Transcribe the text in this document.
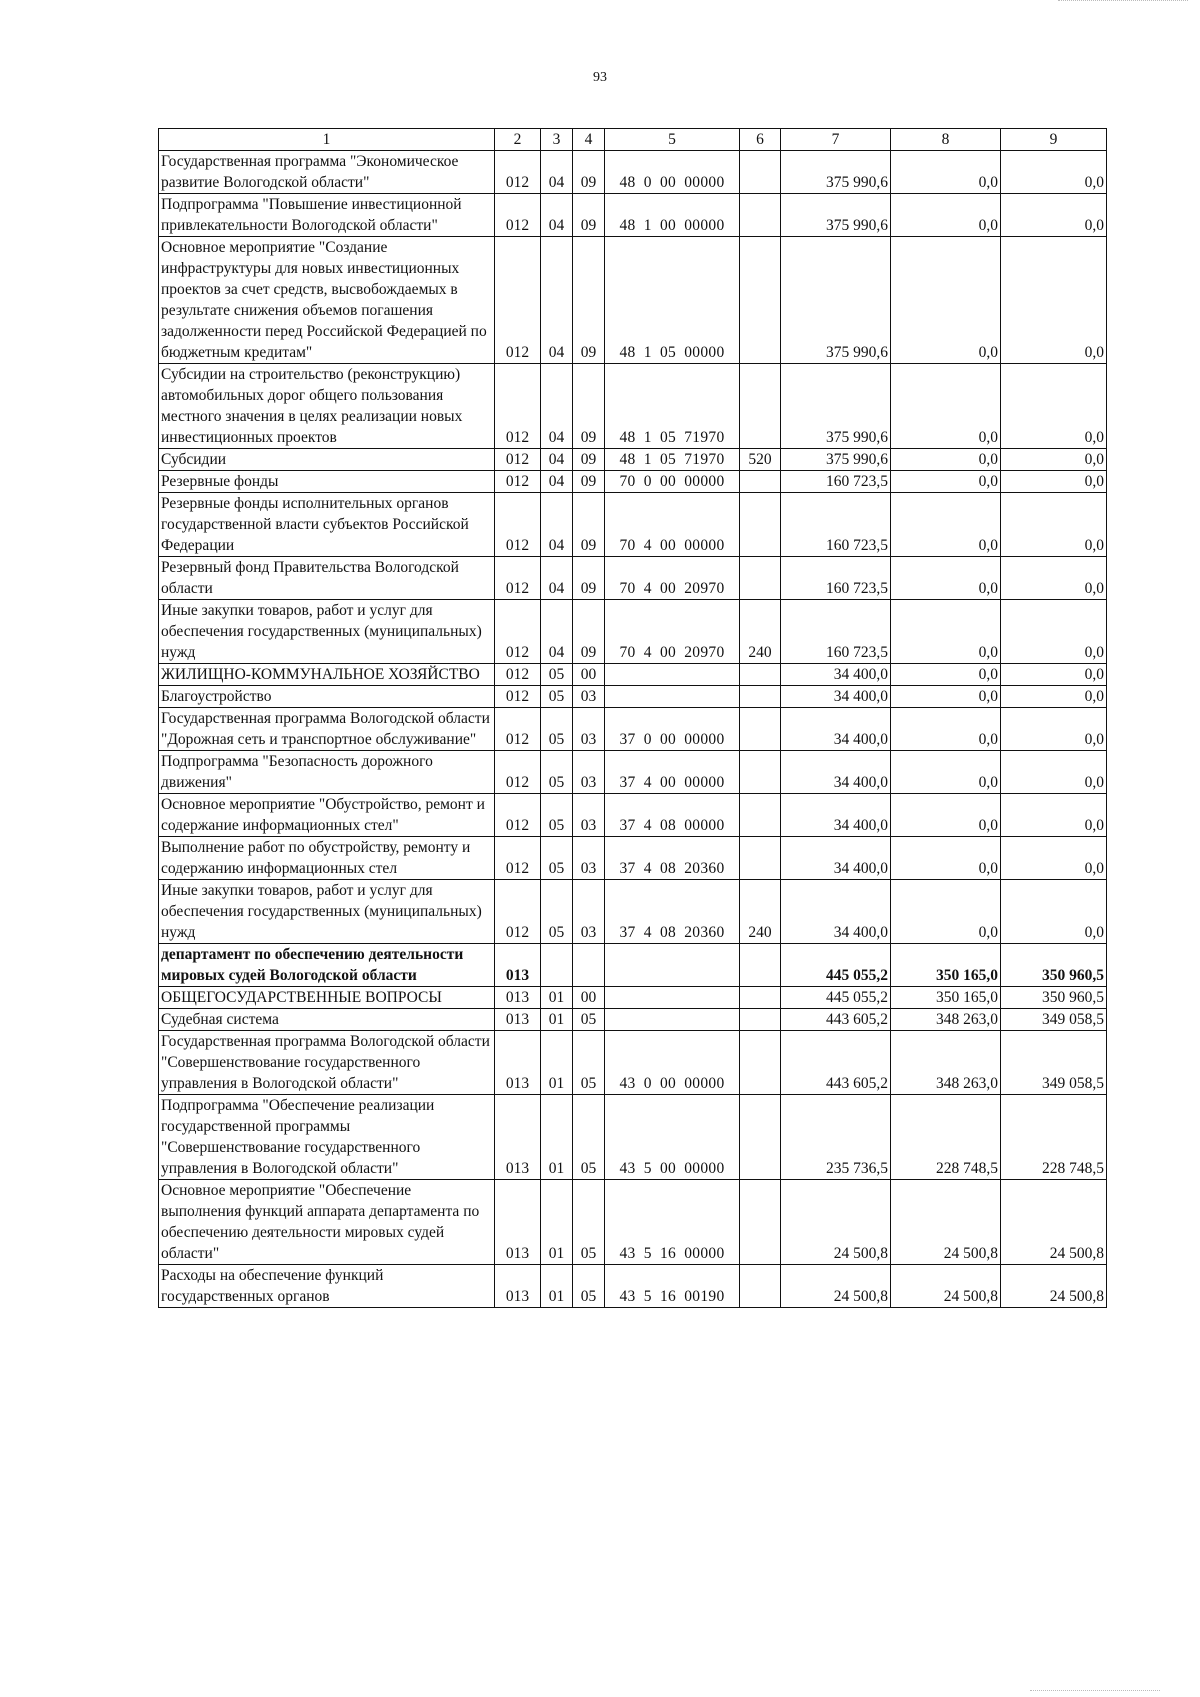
93
1	2	3	4	5	6	7	8	9
Государственная программа "Экономическое развитие Вологодской области"	012	04	09	48 0 00 00000		375 990,6	0,0	0,0
Подпрограмма "Повышение инвестиционной привлекательности Вологодской области"	012	04	09	48 1 00 00000		375 990,6	0,0	0,0
Основное мероприятие "Создание инфраструктуры для новых инвестиционных проектов за счет средств, высвобождаемых в результате снижения объемов погашения задолженности перед Российской Федерацией по бюджетным кредитам"	012	04	09	48 1 05 00000		375 990,6	0,0	0,0
Субсидии на строительство (реконструкцию) автомобильных дорог общего пользования местного значения в целях реализации новых инвестиционных проектов	012	04	09	48 1 05 71970		375 990,6	0,0	0,0
Субсидии	012	04	09	48 1 05 71970	520	375 990,6	0,0	0,0
Резервные фонды	012	04	09	70 0 00 00000		160 723,5	0,0	0,0
Резервные фонды исполнительных органов государственной власти субъектов Российской Федерации	012	04	09	70 4 00 00000		160 723,5	0,0	0,0
Резервный фонд Правительства Вологодской области	012	04	09	70 4 00 20970		160 723,5	0,0	0,0
Иные закупки товаров, работ и услуг для обеспечения государственных (муниципальных) нужд	012	04	09	70 4 00 20970	240	160 723,5	0,0	0,0
ЖИЛИЩНО-КОММУНАЛЬНОЕ ХОЗЯЙСТВО	012	05	00			34 400,0	0,0	0,0
Благоустройство	012	05	03			34 400,0	0,0	0,0
Государственная программа Вологодской области "Дорожная сеть и транспортное обслуживание"	012	05	03	37 0 00 00000		34 400,0	0,0	0,0
Подпрограмма "Безопасность дорожного движения"	012	05	03	37 4 00 00000		34 400,0	0,0	0,0
Основное мероприятие "Обустройство, ремонт и содержание информационных стел"	012	05	03	37 4 08 00000		34 400,0	0,0	0,0
Выполнение работ по обустройству, ремонту и содержанию информационных стел	012	05	03	37 4 08 20360		34 400,0	0,0	0,0
Иные закупки товаров, работ и услуг для обеспечения государственных (муниципальных) нужд	012	05	03	37 4 08 20360	240	34 400,0	0,0	0,0
департамент по обеспечению деятельности мировых судей Вологодской области	013					445 055,2	350 165,0	350 960,5
ОБЩЕГОСУДАРСТВЕННЫЕ ВОПРОСЫ	013	01	00			445 055,2	350 165,0	350 960,5
Судебная система	013	01	05			443 605,2	348 263,0	349 058,5
Государственная программа Вологодской области "Совершенствование государственного управления в Вологодской области"	013	01	05	43 0 00 00000		443 605,2	348 263,0	349 058,5
Подпрограмма "Обеспечение реализации государственной программы "Совершенствование государственного управления в Вологодской области"	013	01	05	43 5 00 00000		235 736,5	228 748,5	228 748,5
Основное мероприятие "Обеспечение выполнения функций аппарата департамента по обеспечению деятельности мировых судей области"	013	01	05	43 5 16 00000		24 500,8	24 500,8	24 500,8
Расходы на обеспечение функций государственных органов	013	01	05	43 5 16 00190		24 500,8	24 500,8	24 500,8
